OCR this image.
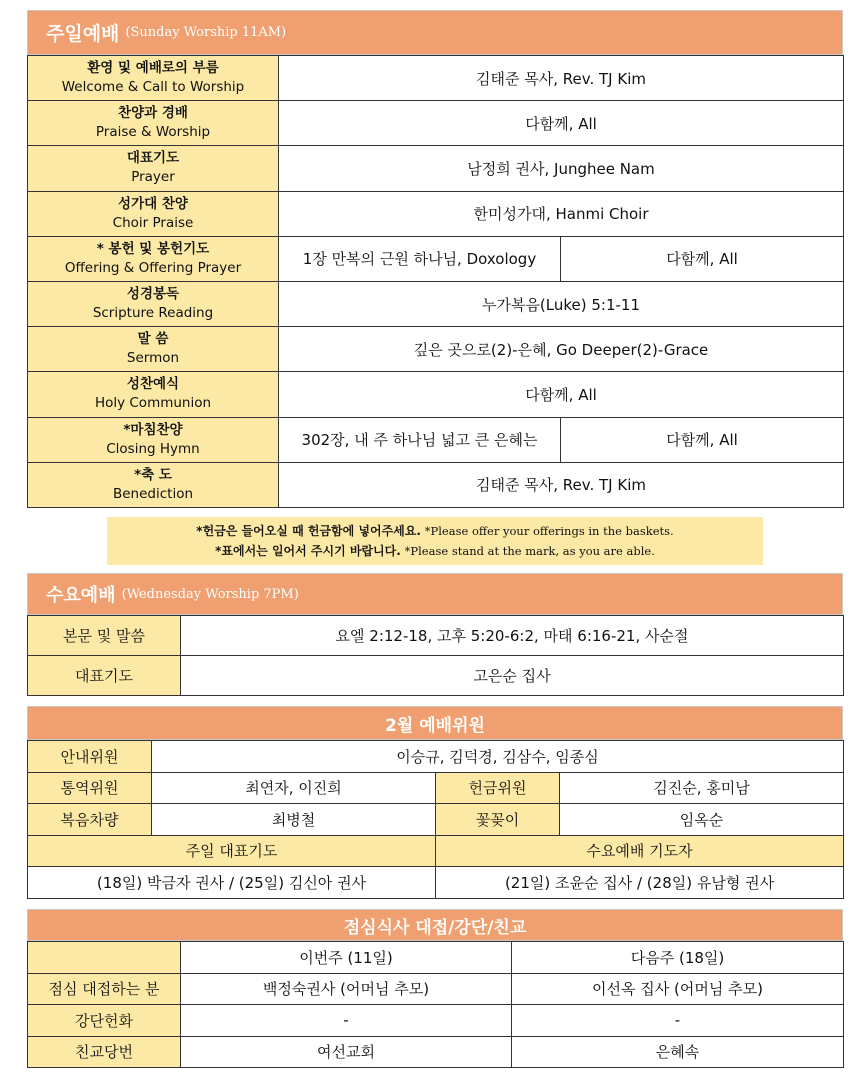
주일예배 (Sunday Worship 11AM)
환영 및 예배로의 부름
Welcome & Call to Worship	김태준 목사, Rev. TJ Kim	

찬양과 경배
Praise & Worship	다함께, All	

대표기도
Prayer	남정희 권사, Junghee Nam	

성가대 찬양
Choir Praise	한미성가대, Hanmi Choir	

* 봉헌 및 봉헌기도
Offering & Offering Prayer	1장 만복의 근원 하나님, Doxology	다함께, All

성경봉독
Scripture Reading	누가복음(Luke) 5:1-11	

말 씀
Sermon	깊은 곳으로(2)-은혜, Go Deeper(2)-Grace	

성찬예식
Holy Communion	다함께, All	

*마침찬양
Closing Hymn	302장, 내 주 하나님 넓고 큰 은혜는	다함께, All

*축 도
Benediction	김태준 목사, Rev. TJ Kim	
*헌금은 들어오실 때 헌금함에 넣어주세요. *Please offer your offerings in the baskets.
*표에서는 일어서 주시기 바랍니다. *Please stand at the mark, as you are able.
수요예배 (Wednesday Worship 7PM)
본문 및 말씀	요엘 2:12-18, 고후 5:20-6:2, 마태 6:16-21, 사순절
대표기도	고은순 집사
2월 예배위원
안내위원	이승규, 김덕경, 김삼수, 임종심		
통역위원	최연자, 이진희	헌금위원	김진순, 홍미남
복음차량	최병철	꽃꽂이	임옥순
주일 대표기도		수요예배 기도자	
(18일) 박금자 권사 / (25일) 김신아 권사		(21일) 조윤순 집사 / (28일) 유남형 권사	
점심식사 대접/강단/친교
	이번주 (11일)	다음주 (18일)
점심 대접하는 분	백정숙권사 (어머님 추모)	이선옥 집사 (어머님 추모)
강단헌화	-	-
친교당번	여선교회	은혜속
